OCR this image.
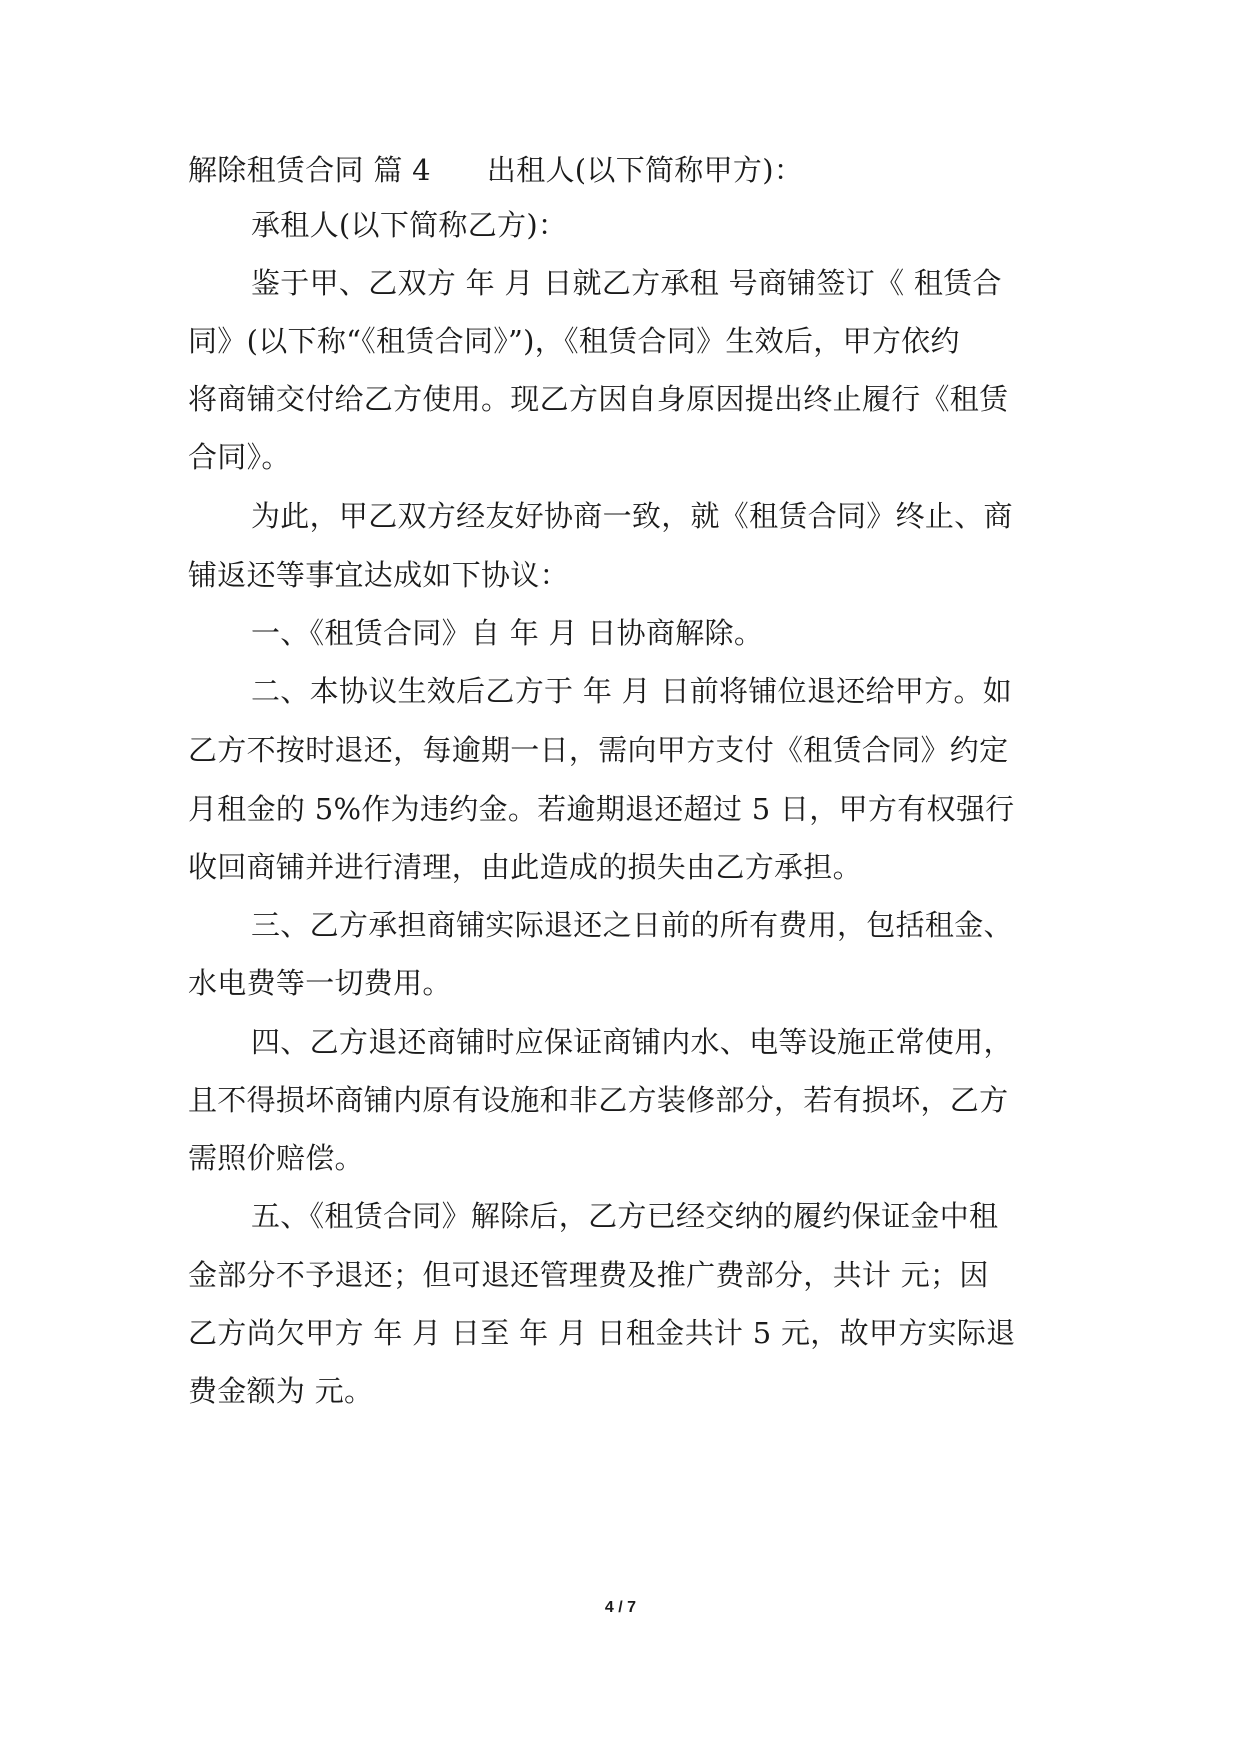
解除租赁合同 篇 4 出租人(以下简称甲方)：
承租人(以下简称乙方)：
鉴于甲、乙双方 年 月 日就乙方承租 号商铺签订《 租赁合
同》(以下称“《租赁合同》”)，《租赁合同》生效后，甲方依约
将商铺交付给乙方使用。现乙方因自身原因提出终止履行《租赁
合同》。
为此，甲乙双方经友好协商一致，就《租赁合同》终止、商
铺返还等事宜达成如下协议：
一、《租赁合同》自 年 月 日协商解除。
二、本协议生效后乙方于 年 月 日前将铺位退还给甲方。如
乙方不按时退还，每逾期一日，需向甲方支付《租赁合同》约定
月租金的 5%作为违约金。若逾期退还超过 5 日，甲方有权强行
收回商铺并进行清理，由此造成的损失由乙方承担。
三、乙方承担商铺实际退还之日前的所有费用，包括租金、
水电费等一切费用。
四、乙方退还商铺时应保证商铺内水、电等设施正常使用，
且不得损坏商铺内原有设施和非乙方装修部分，若有损坏，乙方
需照价赔偿。
五、《租赁合同》解除后，乙方已经交纳的履约保证金中租
金部分不予退还；但可退还管理费及推广费部分，共计 元；因
乙方尚欠甲方 年 月 日至 年 月 日租金共计 5 元，故甲方实际退
费金额为 元。
4 / 7
